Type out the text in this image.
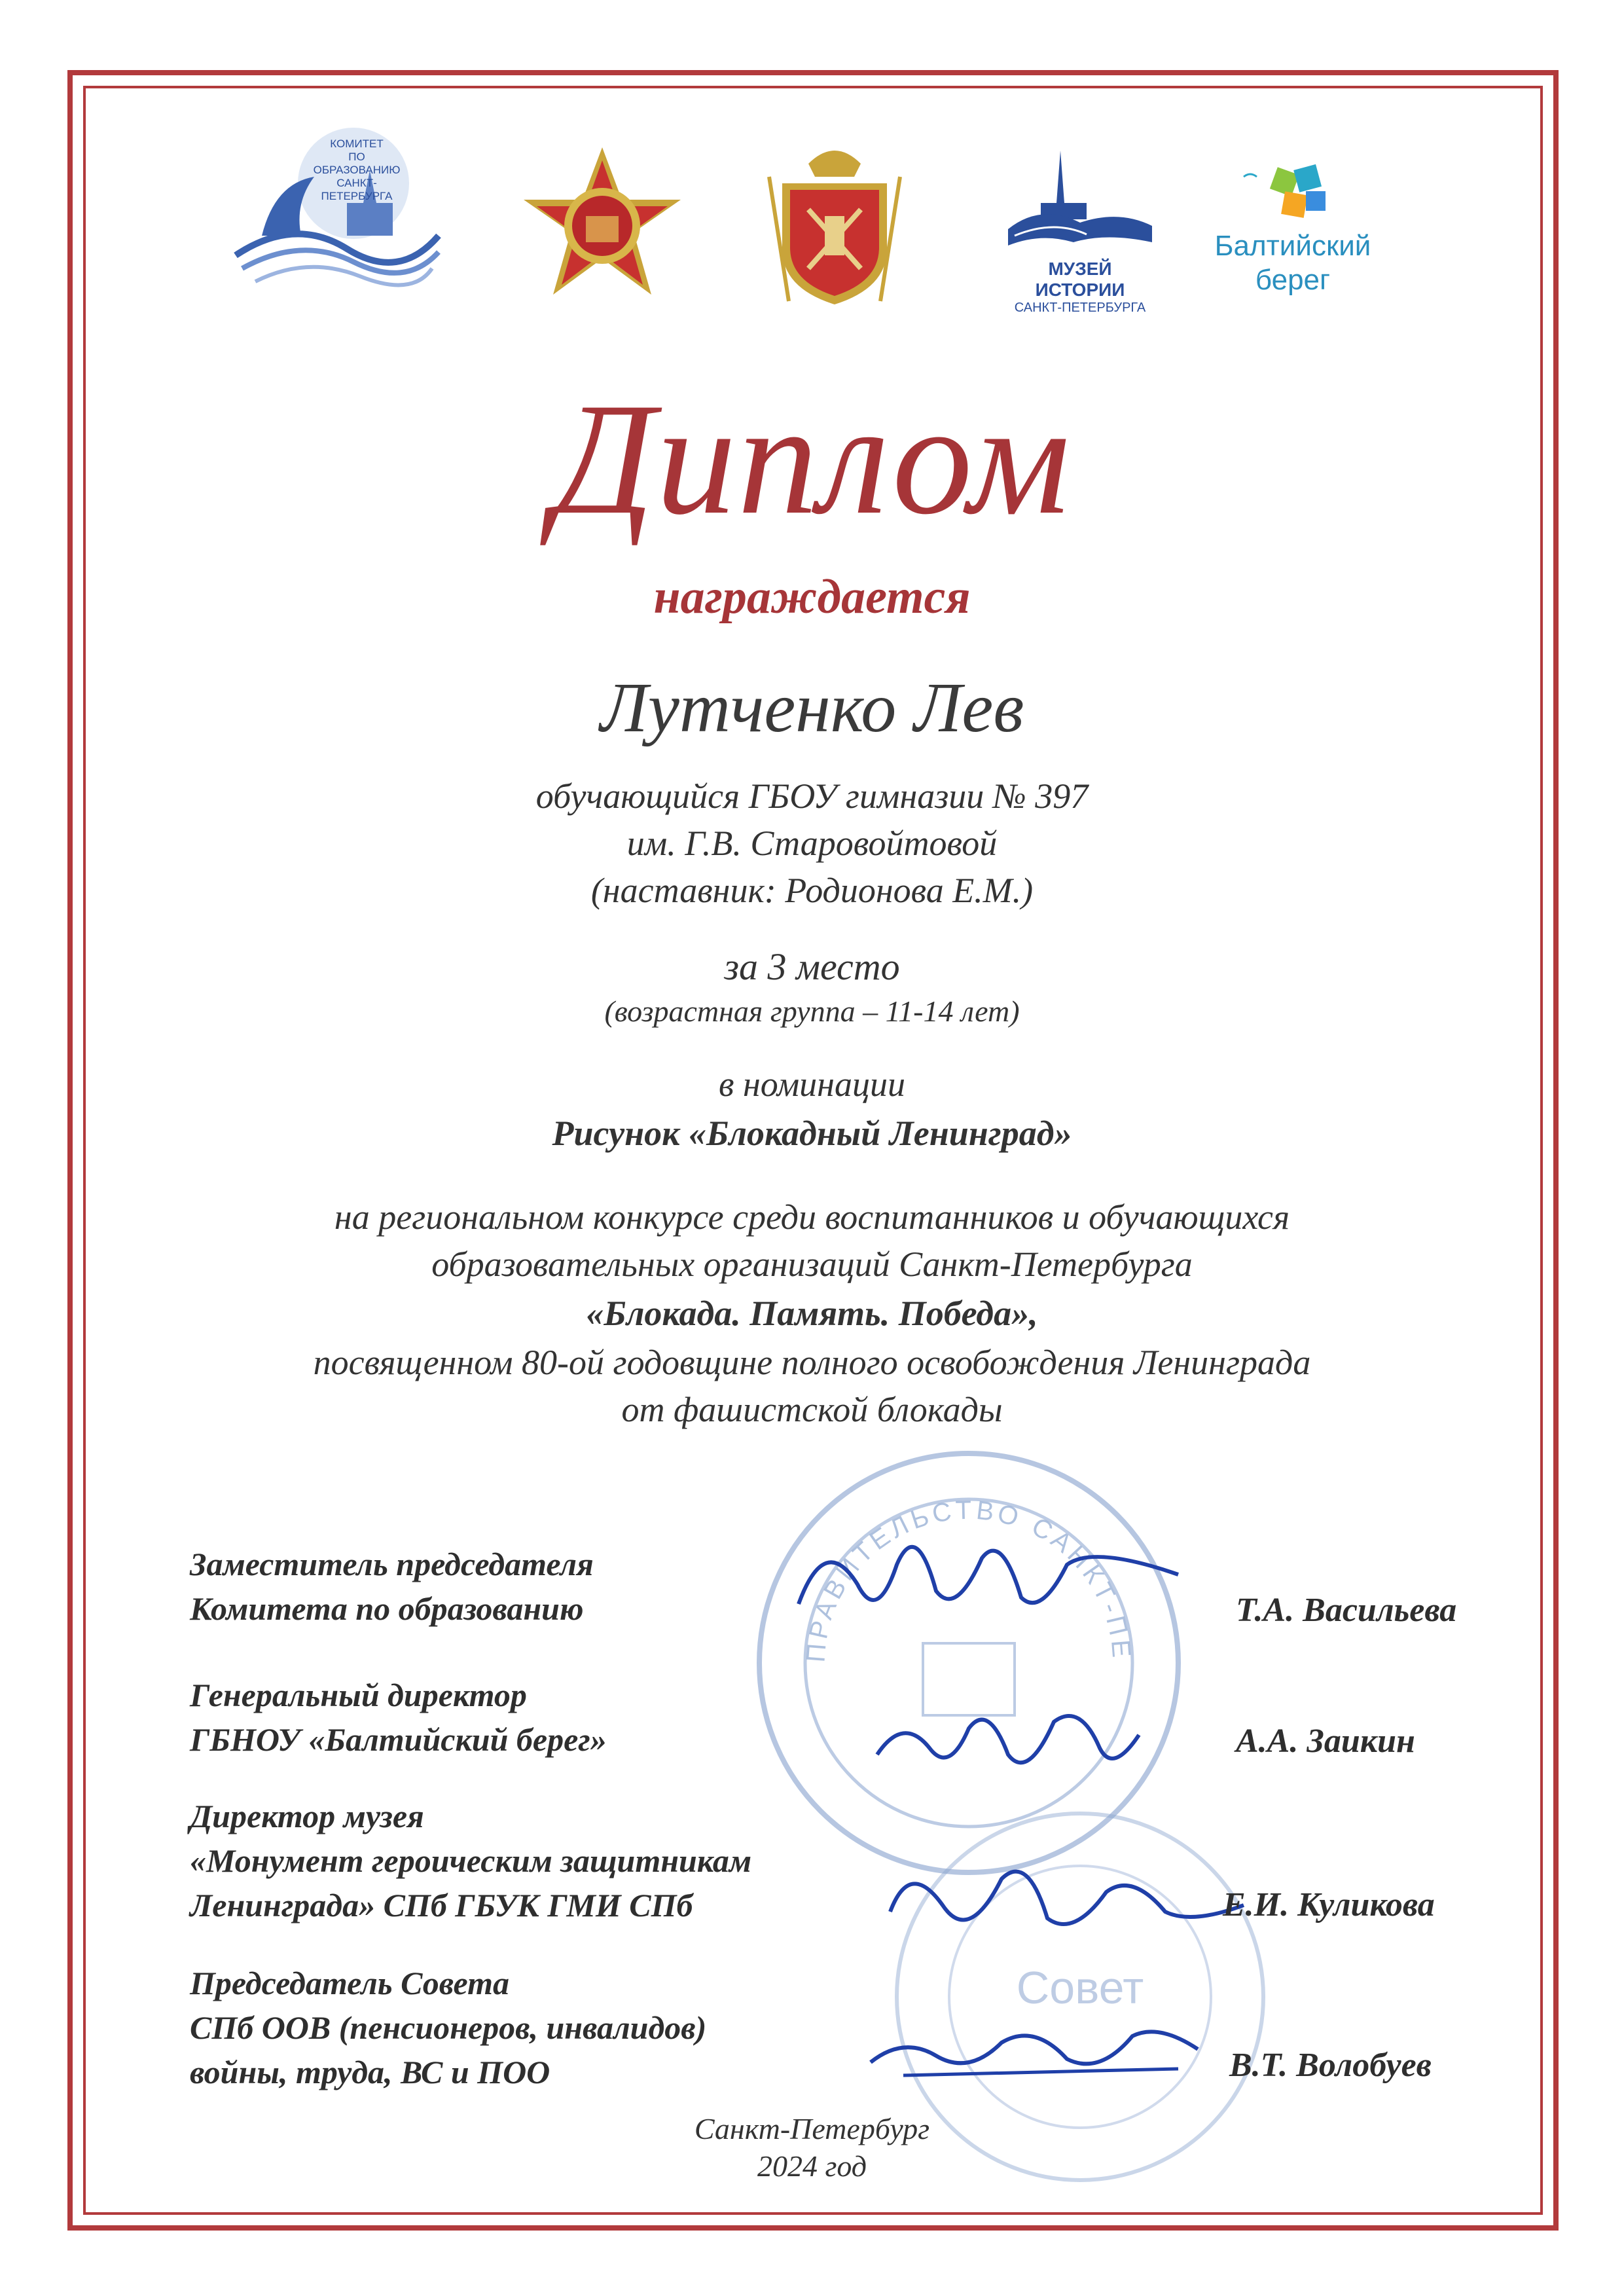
КОМИТЕТ
ПО ОБРАЗОВАНИЮ
САНКТ-ПЕТЕРБУРГА
МУЗЕЙ ИСТОРИИ
САНКТ-ПЕТЕРБУРГА
Балтийский
берег
Диплом
награждается
Лутченко Лев
обучающийся ГБОУ гимназии № 397
им. Г.В. Старовойтовой
(наставник: Родионова Е.М.)
за 3 место
(возрастная группа – 11-14 лет)
в номинации
Рисунок «Блокадный Ленинград»
на региональном конкурсе среди воспитанников и обучающихся
образовательных организаций Санкт-Петербурга
«Блокада. Память. Победа»,
посвященном 80-ой годовщине полного освобождения Ленинграда
от фашистской блокады
ПРАВИТЕЛЬСТВО САНКТ-ПЕ
Совет
Заместитель председателя
Комитета по образованию
Генеральный директор
ГБНОУ «Балтийский берег»
Директор музея
«Монумент героическим защитникам
Ленинграда» СПб ГБУК ГМИ СПб
Председатель Совета
СПб ООВ (пенсионеров, инвалидов)
войны, труда, ВС и ПОО
Т.А. Васильева
А.А. Заикин
Е.И. Куликова
В.Т. Волобуев
Санкт-Петербург
2024 год
